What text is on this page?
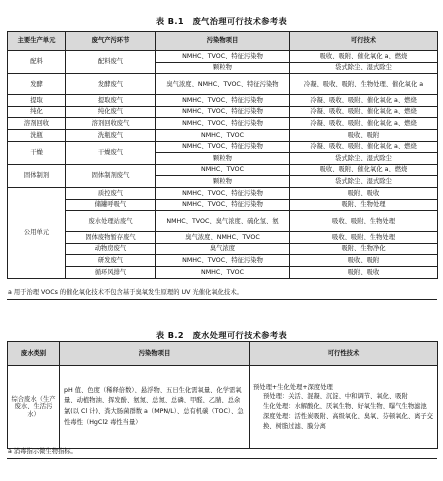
表 B.1　废气治理可行技术参考表
主要生产单元	废气产污环节	污染物项目	可行技术
配料	配料废气	NMHC、TVOC、特征污染物	吸收、吸附、催化氧化 a、燃烧
		颗粒物	袋式除尘、湿式除尘
发酵	发酵废气	臭气浓度、NMHC、TVOC、特征污染物	冷凝、吸收、吸附、生物处理、催化氧化 a
提取	提取废气	NMHC、TVOC、特征污染物	冷凝、吸收、吸附、催化氧化 a、燃烧
纯化	纯化废气	NMHC、TVOC、特征污染物	冷凝、吸收、吸附、催化氧化 a、燃烧
溶剂回收	溶剂回收废气	NMHC、TVOC、特征污染物	冷凝、吸收、吸附、催化氧化 a、燃烧
洗瓶	洗瓶废气	NMHC、TVOC	吸收、吸附
干燥	干燥废气	NMHC、TVOC、特征污染物	冷凝、吸收、吸附、催化氧化 a、燃烧
		颗粒物	袋式除尘、湿式除尘
固体制剂	固体制剂废气	NMHC、TVOC	吸收、吸附、催化氧化 a、燃烧
		颗粒物	袋式除尘、湿式除尘
公用单元	质控废气	NMHC、TVOC、特征污染物	吸附、吸收
	储罐呼吸气	NMHC、TVOC、特征污染物	吸附、生物处理
	废水处理站废气	NMHC、TVOC、臭气浓度、硫化氢、氨	吸收、吸附、生物处理
	固体废物暂存废气	臭气浓度、NMHC、TVOC	吸收、吸附、生物处理
	动物房废气	臭气浓度	吸附、生物净化
	研发废气	NMHC、TVOC、特征污染物	吸收、吸附
	循环风排气	NMHC、TVOC	吸附、吸收
a 用于治理 VOCs 的催化氧化技术不包含基于臭氧发生原理的 UV 光催化氧化技术。
表 B.2　废水处理可行技术参考表
废水类别	污染物项目	可行性技术
综合废水（生产废水、生活污水）	pH 值、色度（稀释倍数）、悬浮物、五日生化需氧量、化学需氧量、动植物油、挥发酚、氨氮、总氮、总磷、甲醛、乙腈、总余氯(以 Cl 计)、粪大肠菌群数 a（MPN/L）、总有机碳（TOC）、急性毒性（HgCl2 毒性当量）	预处理+生化处理+深度处理
预处理：关活、混凝、沉淀、中和调节、氧化、吸附
生化处理：水解酸化、厌氧生物、好氧生物、曝气生物滤池
深度处理：活性炭吸附、高级氧化、臭氧、芬顿氧化、离子交换、树脂过滤、膜分离
a 消毒指示微生物指标。
